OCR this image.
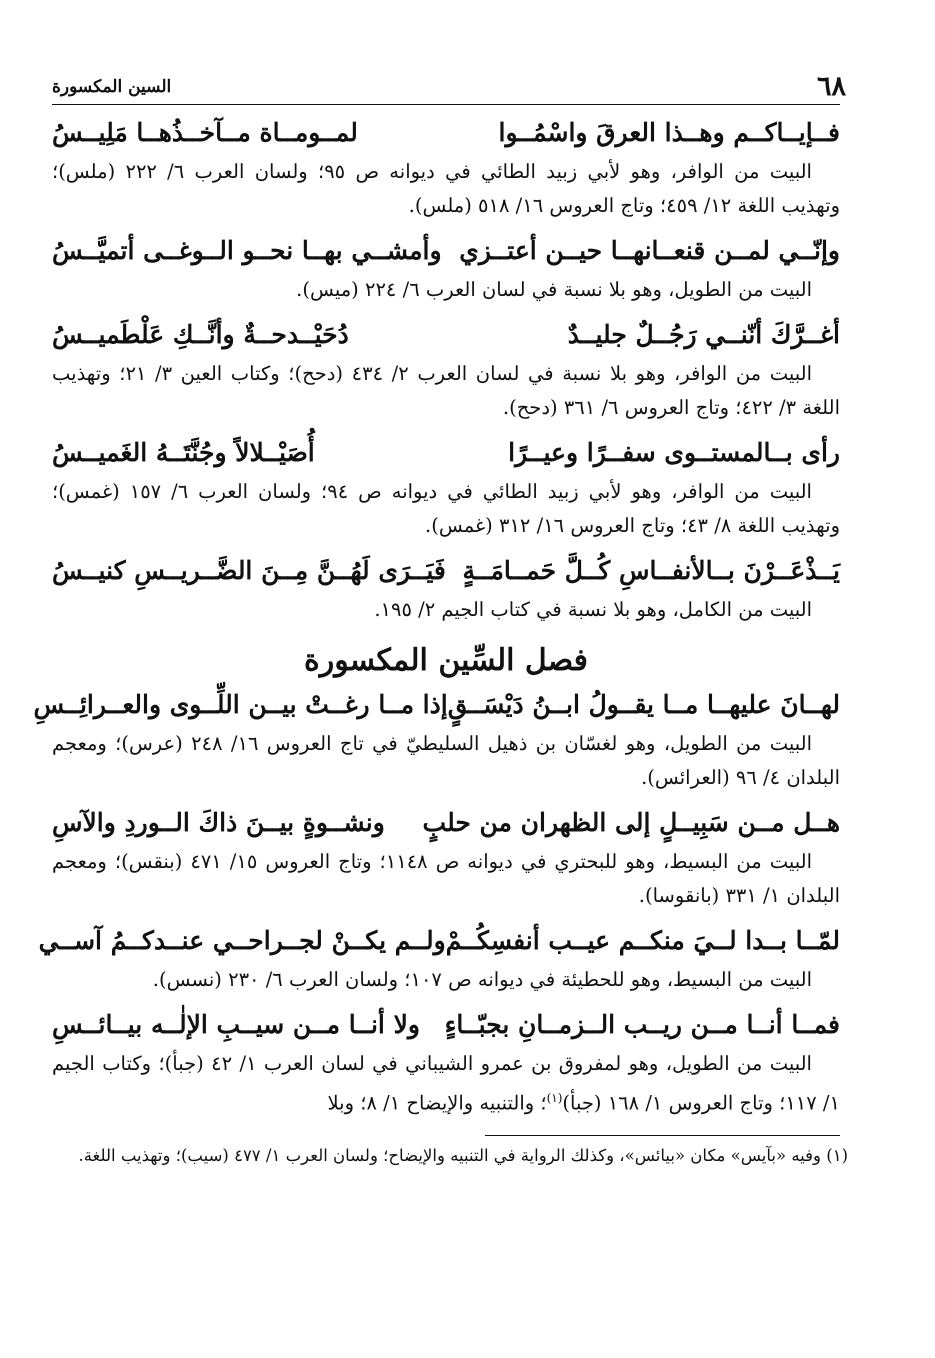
٦٨
السين المكسورة
فــإيــاكــم وهــذا العرقَ واسْمُــوا
لمــومــاة مــآخــذُهــا مَلِيــسُ

البيت من الوافر، وهو لأبي زبيد الطائي في ديوانه ص ٩٥؛ ولسان العرب ٦/ ٢٢٢ (ملس)؛ وتهذيب اللغة ١٢/ ٤٥٩؛ وتاج العروس ١٦/ ٥١٨ (ملس).

وإنّــي لمــن قنعــانهــا حيــن أعتــزي
وأمشــي بهــا نحــو الــوغــى أتميَّــسُ

البيت من الطويل، وهو بلا نسبة في لسان العرب ٦/ ٢٢٤ (ميس).

أغــرَّكَ أنّنــي رَجُــلٌ جليــدٌ
دُحَيْــدحــةٌ وأنَّــكِ عَلْطَميــسُ

البيت من الوافر، وهو بلا نسبة في لسان العرب ٢/ ٤٣٤ (دحح)؛ وكتاب العين ٣/ ٢١؛ وتهذيب اللغة ٣/ ٤٢٢؛ وتاج العروس ٦/ ٣٦١ (دحح).

رأى بــالمستــوى سفــرًا وعيــرًا
أُصَيْــلالاً وجُنَّتَــهُ الغَميــسُ

البيت من الوافر، وهو لأبي زبيد الطائي في ديوانه ص ٩٤؛ ولسان العرب ٦/ ١٥٧ (غمس)؛ وتهذيب اللغة ٨/ ٤٣؛ وتاج العروس ١٦/ ٣١٢ (غمس).

يَــذْعَــرْنَ بــالأنفــاسِ كُــلَّ حَمــامَــةٍ
فَيَــرَى لَهُــنَّ مِــنَ الضَّــريــسِ كنيــسُ

البيت من الكامل، وهو بلا نسبة في كتاب الجيم ٢/ ١٩٥.

فصل السِّين المكسورة
لهــانَ عليهــا مــا يقــولُ ابــنُ دَيْسَــقٍ
إذا مــا رغــتْ بيــن اللِّــوى والعــرائِــسِ

البيت من الطويل، وهو لغسّان بن ذهيل السليطيّ في تاج العروس ١٦/ ٢٤٨ (عرس)؛ ومعجم البلدان ٤/ ٩٦ (العرائس).

هــل مــن سَبِيــلٍ إلى الظهران من حلبٍ
ونشــوةٍ بيــنَ ذاكَ الــوردِ والآسِ

البيت من البسيط، وهو للبحتري في ديوانه ص ١١٤٨؛ وتاج العروس ١٥/ ٤٧١ (بنقس)؛ ومعجم البلدان ١/ ٣٣١ (بانقوسا).

لمّــا بــدا لــيَ منكــم عيــب أنفسِكُــمْ
ولــم يكــنْ لجــراحــي عنــدكــمُ آســي

البيت من البسيط، وهو للحطيئة في ديوانه ص ١٠٧؛ ولسان العرب ٦/ ٢٣٠ (نسس).

فمــا أنــا مــن ريــب الــزمــانِ بجبّــاءٍ
ولا أنــا مــن سيــبِ الإلٰــه بيــائــسِ

البيت من الطويل، وهو لمفروق بن عمرو الشيباني في لسان العرب ١/ ٤٢ (جبأ)؛ وكتاب الجيم ١/ ١١٧؛ وتاج العروس ١/ ١٦٨ (جبأ)$^{(١)}$؛ والتنبيه والإيضاح ١/ ٨؛ وبلا

(١) وفيه «بآيس» مكان «بيائس»، وكذلك الرواية في التنبيه والإيضاح؛ ولسان العرب ١/ ٤٧٧ (سيب)؛ وتهذيب اللغة.
